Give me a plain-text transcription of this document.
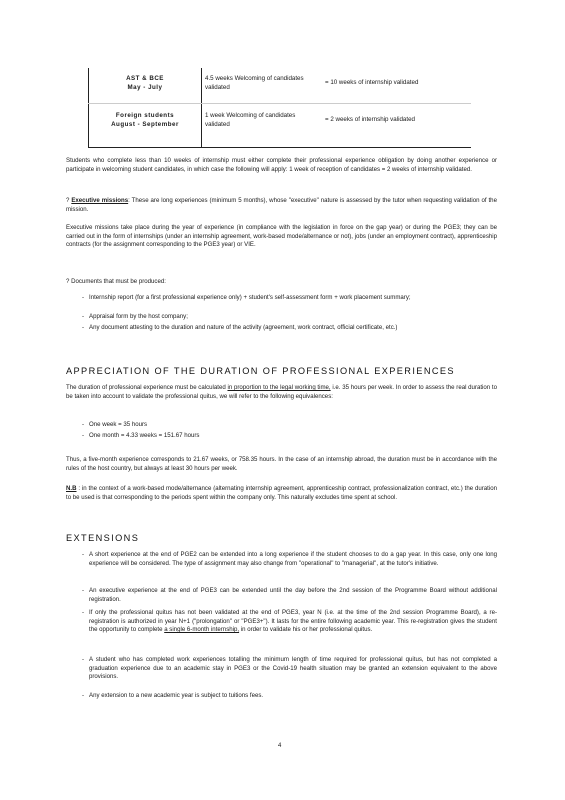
AST & BCE
May - July
4.5 weeks Welcoming of candidates validated
= 10 weeks of internship validated
Foreign students
August - September
1 week Welcoming of candidates validated
= 2 weeks of internship validated
Students who complete less than 10 weeks of internship must either complete their professional experience obligation by doing another experience or participate in welcoming student candidates, in which case the following will apply: 1 week of reception of candidates = 2 weeks of internship validated.
? Executive missions: These are long experiences (minimum 5 months), whose "executive" nature is assessed by the tutor when requesting validation of the mission.
Executive missions take place during the year of experience (in compliance with the legislation in force on the gap year) or during the PGE3; they can be carried out in the form of internships (under an internship agreement, work-based mode/alternance or not), jobs (under an employment contract), apprenticeship contracts (for the assignment corresponding to the PGE3 year) or VIE.
? Documents that must be produced:
- Internship report (for a first professional experience only) + student's self-assessment form + work placement summary;
- Appraisal form by the host company;
- Any document attesting to the duration and nature of the activity (agreement, work contract, official certificate, etc.)
APPRECIATION OF THE DURATION OF PROFESSIONAL EXPERIENCES
The duration of professional experience must be calculated in proportion to the legal working time, i.e. 35 hours per week. In order to assess the real duration to be taken into account to validate the professional quitus, we will refer to the following equivalences:
- One week = 35 hours
- One month = 4.33 weeks = 151.67 hours
Thus, a five-month experience corresponds to 21.67 weeks, or 758.35 hours. In the case of an internship abroad, the duration must be in accordance with the rules of the host country, but always at least 30 hours per week.
N.B : in the context of a work-based mode/alternance (alternating internship agreement, apprenticeship contract, professionalization contract, etc.) the duration to be used is that corresponding to the periods spent within the company only. This naturally excludes time spent at school.
EXTENSIONS
- A short experience at the end of PGE2 can be extended into a long experience if the student chooses to do a gap year. In this case, only one long experience will be considered. The type of assignment may also change from "operational" to "managerial", at the tutor's initiative.
- An executive experience at the end of PGE3 can be extended until the day before the 2nd session of the Programme Board without additional registration.
- If only the professional quitus has not been validated at the end of PGE3, year N (i.e. at the time of the 2nd session Programme Board), a re-registration is authorized in year N+1 ("prolongation" or "PGE3+"). It lasts for the entire following academic year. This re-registration gives the student the opportunity to complete a single 6-month internship, in order to validate his or her professional quitus.
- A student who has completed work experiences totalling the minimum length of time required for professional quitus, but has not completed a graduation experience due to an academic stay in PGE3 or the Covid-19 health situation may be granted an extension equivalent to the above provisions.
- Any extension to a new academic year is subject to tuitions fees.
4
